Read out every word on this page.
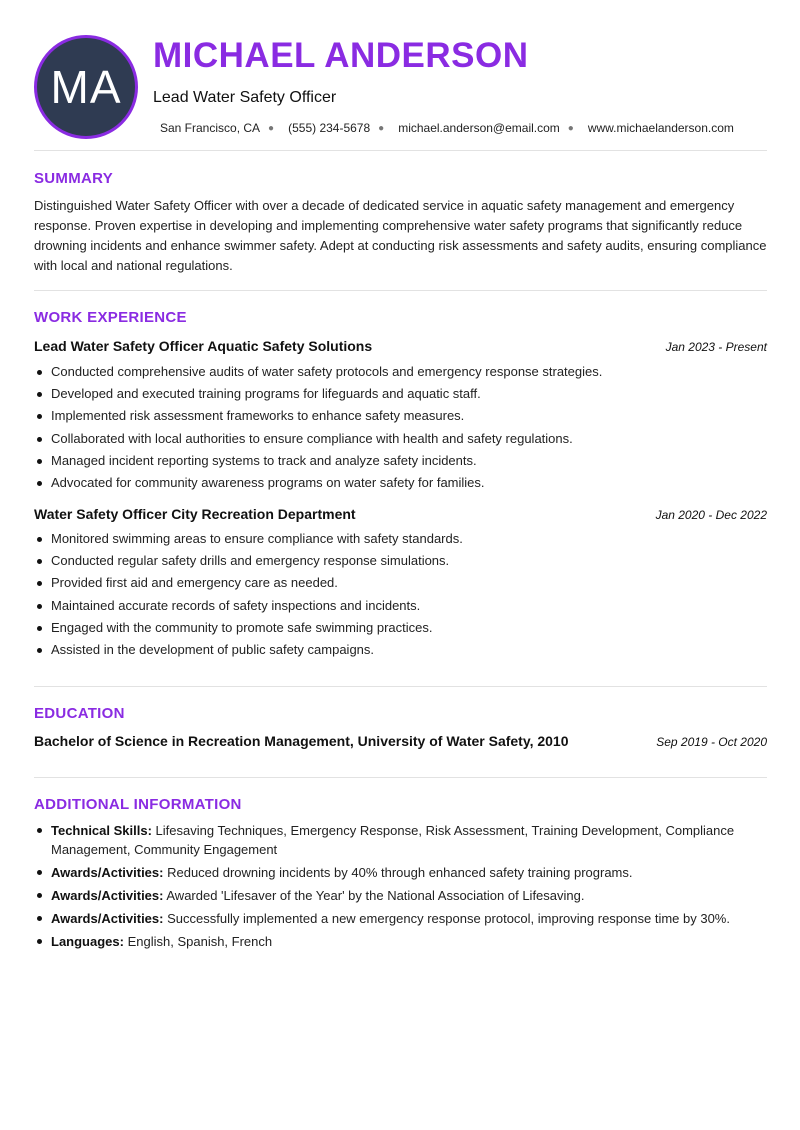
MA
MICHAEL ANDERSON
Lead Water Safety Officer
San Francisco, CA ● (555) 234-5678 ● michael.anderson@email.com ● www.michaelanderson.com
SUMMARY
Distinguished Water Safety Officer with over a decade of dedicated service in aquatic safety management and emergency response. Proven expertise in developing and implementing comprehensive water safety programs that significantly reduce drowning incidents and enhance swimmer safety. Adept at conducting risk assessments and safety audits, ensuring compliance with local and national regulations.
WORK EXPERIENCE
Lead Water Safety Officer Aquatic Safety Solutions	Jan 2023 - Present
Conducted comprehensive audits of water safety protocols and emergency response strategies.
Developed and executed training programs for lifeguards and aquatic staff.
Implemented risk assessment frameworks to enhance safety measures.
Collaborated with local authorities to ensure compliance with health and safety regulations.
Managed incident reporting systems to track and analyze safety incidents.
Advocated for community awareness programs on water safety for families.
Water Safety Officer City Recreation Department	Jan 2020 - Dec 2022
Monitored swimming areas to ensure compliance with safety standards.
Conducted regular safety drills and emergency response simulations.
Provided first aid and emergency care as needed.
Maintained accurate records of safety inspections and incidents.
Engaged with the community to promote safe swimming practices.
Assisted in the development of public safety campaigns.
EDUCATION
Bachelor of Science in Recreation Management, University of Water Safety, 2010	Sep 2019 - Oct 2020
ADDITIONAL INFORMATION
Technical Skills: Lifesaving Techniques, Emergency Response, Risk Assessment, Training Development, Compliance Management, Community Engagement
Awards/Activities: Reduced drowning incidents by 40% through enhanced safety training programs.
Awards/Activities: Awarded 'Lifesaver of the Year' by the National Association of Lifesaving.
Awards/Activities: Successfully implemented a new emergency response protocol, improving response time by 30%.
Languages: English, Spanish, French
